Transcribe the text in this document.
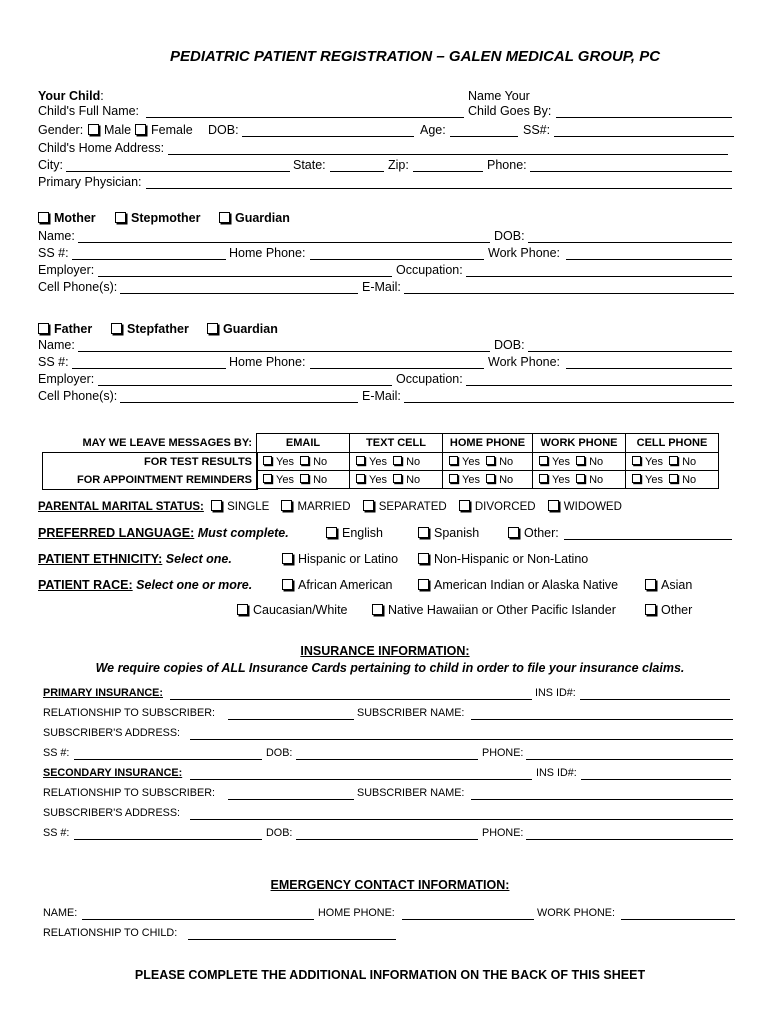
PEDIATRIC PATIENT REGISTRATION – GALEN MEDICAL GROUP, PC
Your Child:	Name Your
Child's Full Name:	Child Goes By:
Gender:	Male	Female DOB:	Age:	SS#:
Child's Home Address:
City:	State:	Zip:	Phone:
Primary Physician:
Mother	Stepmother	Guardian
Name:	DOB:
SS #:	Home Phone:	Work Phone:
Employer:	Occupation:
Cell Phone(s):	E-Mail:
Father	Stepfather	Guardian
Name:	DOB:
SS #:	Home Phone:	Work Phone:
Employer:	Occupation:
Cell Phone(s):	E-Mail:
MAY WE LEAVE MESSAGES BY:	EMAIL	TEXT CELL	HOME PHONE	WORK PHONE	CELL PHONE
FOR TEST RESULTS	Yes No	Yes No	Yes No	Yes No	Yes No
FOR APPOINTMENT REMINDERS	Yes No	Yes No	Yes No	Yes No	Yes No
PARENTAL MARITAL STATUS: SINGLE MARRIED SEPARATED DIVORCED WIDOWED
PREFERRED LANGUAGE: Must complete.	English	Spanish	Other:
PATIENT ETHNICITY: Select one.	Hispanic or Latino	Non-Hispanic or Non-Latino
PATIENT RACE: Select one or more.	African American	American Indian or Alaska Native	Asian
Caucasian/White	Native Hawaiian or Other Pacific Islander	Other
INSURANCE INFORMATION:
We require copies of ALL Insurance Cards pertaining to child in order to file your insurance claims.
PRIMARY INSURANCE:	INS ID#:
RELATIONSHIP TO SUBSCRIBER:	SUBSCRIBER NAME:
SUBSCRIBER'S ADDRESS:
SS #:	DOB:	PHONE:
SECONDARY INSURANCE:	INS ID#:
RELATIONSHIP TO SUBSCRIBER:	SUBSCRIBER NAME:
SUBSCRIBER'S ADDRESS:
SS #:	DOB:	PHONE:
EMERGENCY CONTACT INFORMATION:
NAME:	HOME PHONE:	WORK PHONE:
RELATIONSHIP TO CHILD:
PLEASE COMPLETE THE ADDITIONAL INFORMATION ON THE BACK OF THIS SHEET
